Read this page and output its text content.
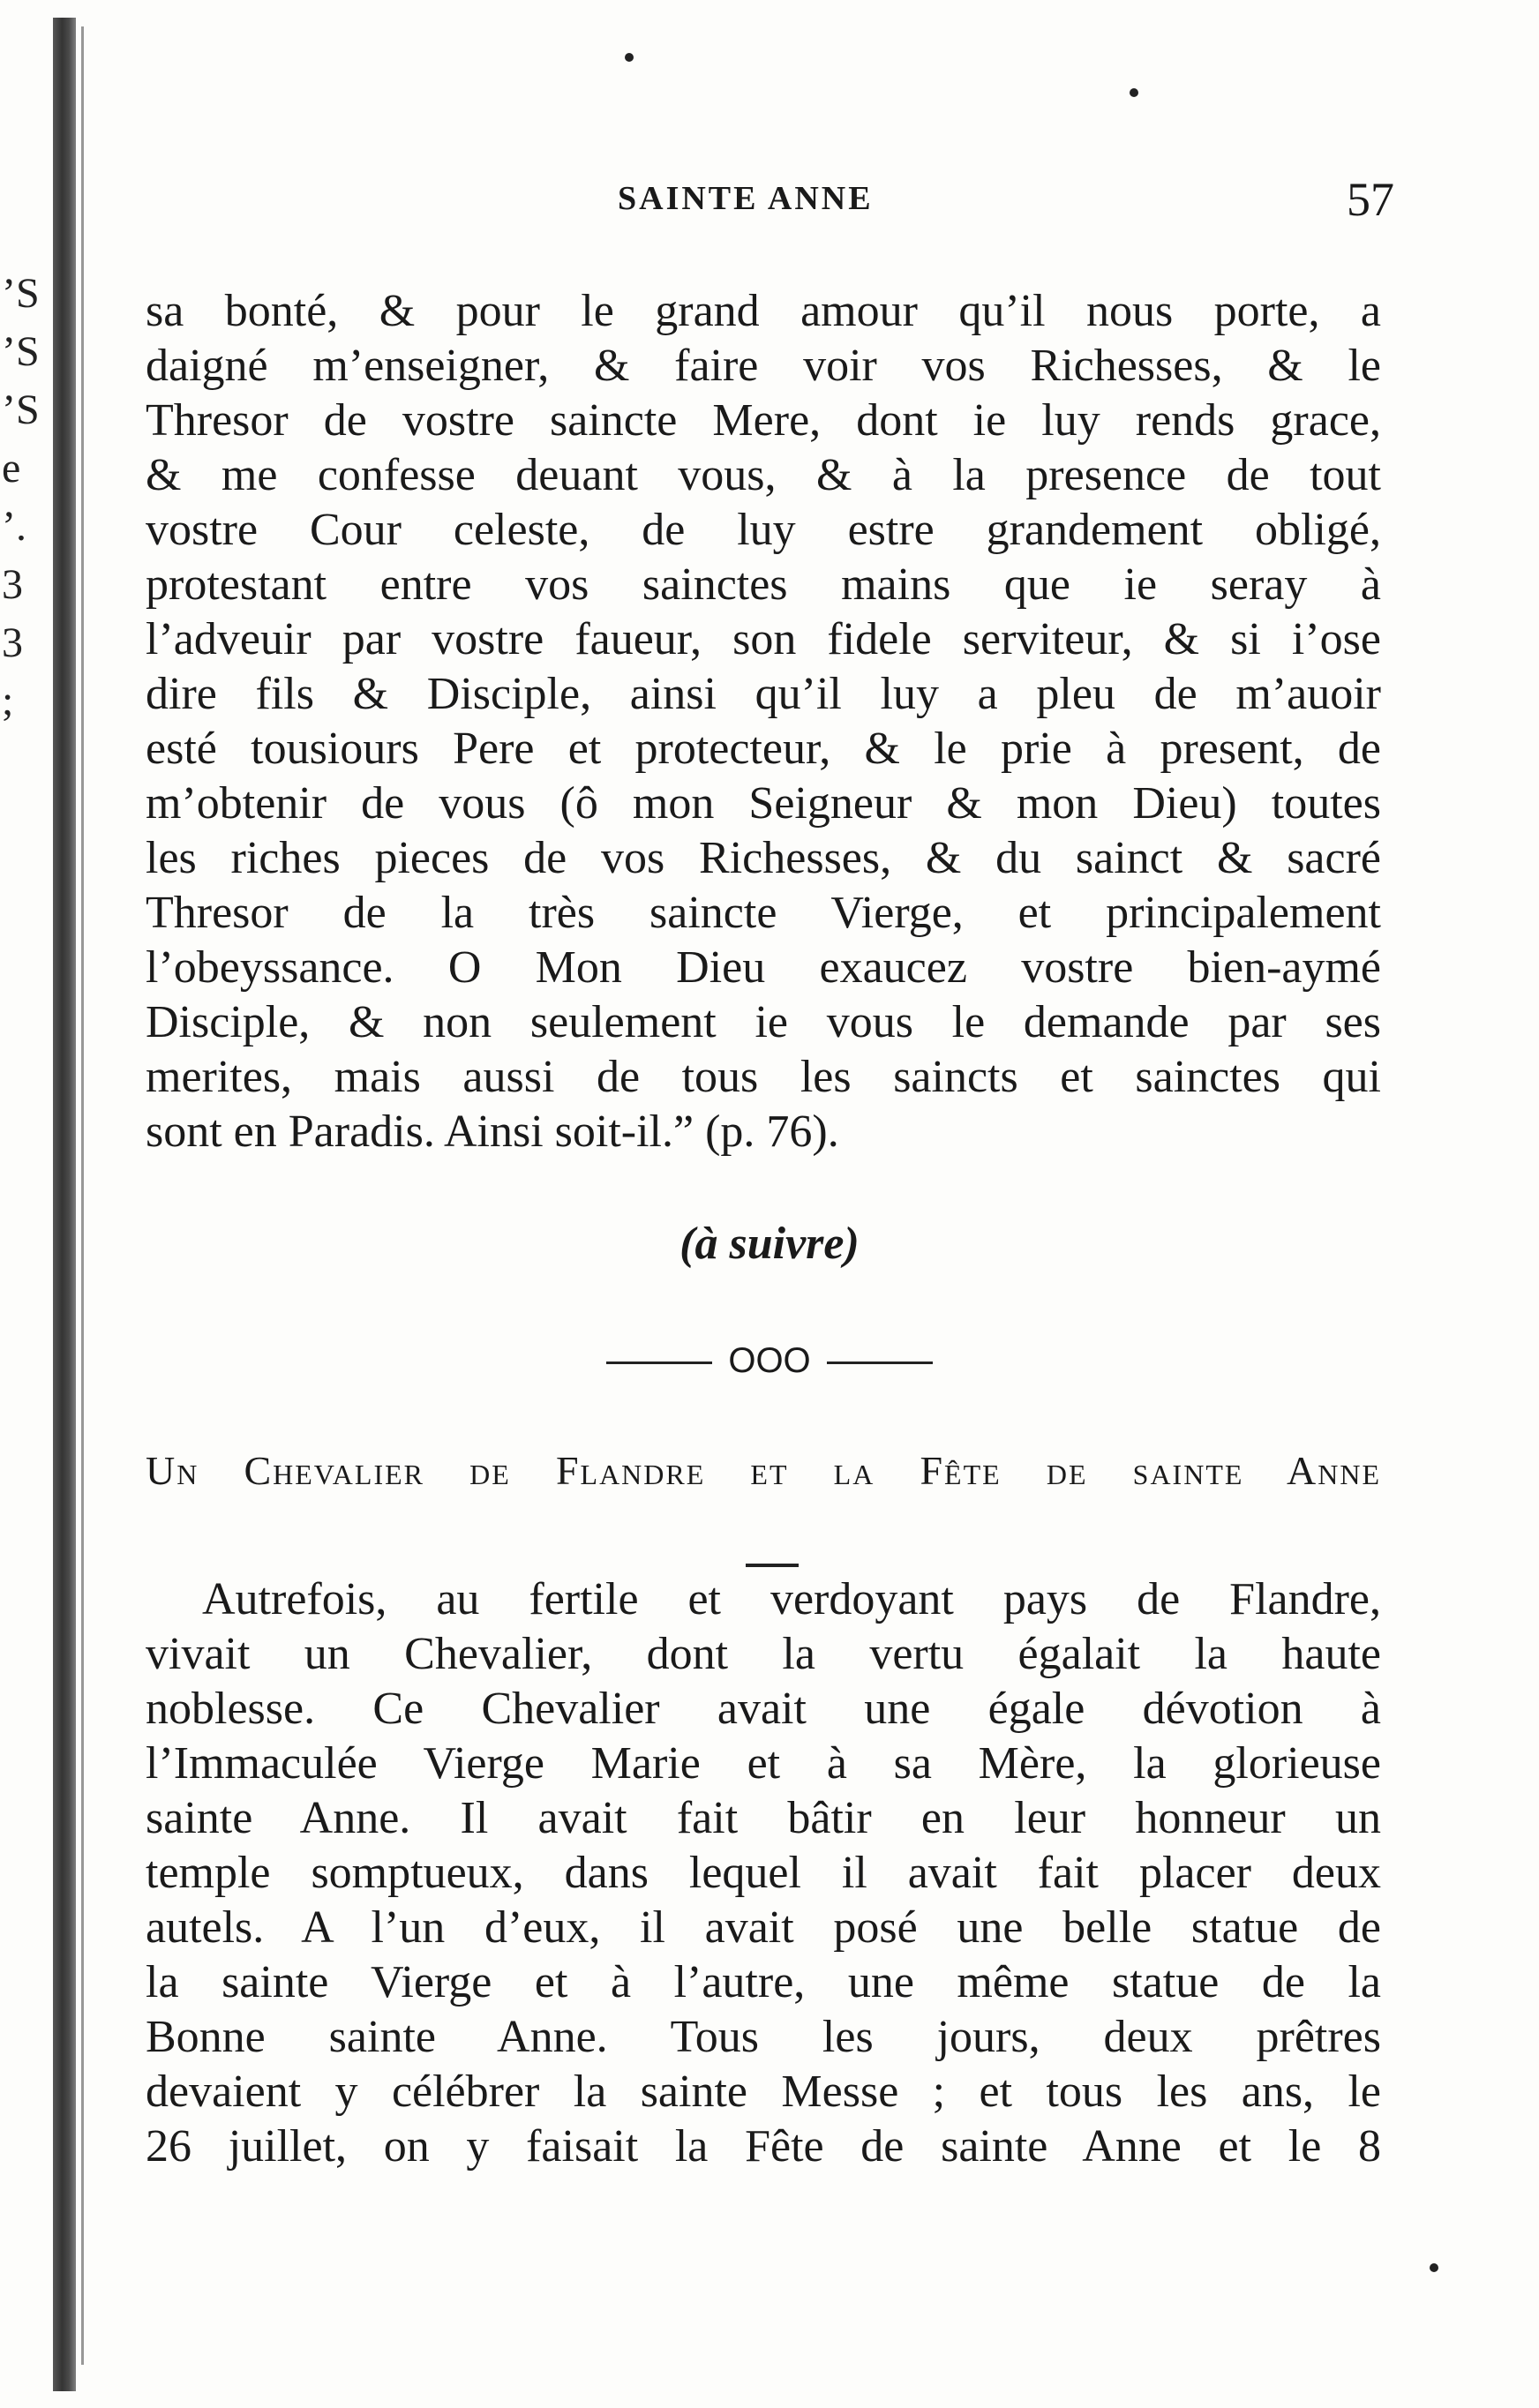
’S
’S
’S
e
’.
3
3
;
SAINTE ANNE	57
sa bonté, & pour le grand amour qu’il nous porte, a
daigné m’enseigner, & faire voir vos Richesses, & le
Thresor de vostre saincte Mere, dont ie luy rends grace,
& me confesse deuant vous, & à la presence de tout
vostre Cour celeste, de luy estre grandement obligé,
protestant entre vos sainctes mains que ie seray à
l’adveuir par vostre faueur, son fidele serviteur, & si i’ose
dire fils & Disciple, ainsi qu’il luy a pleu de m’auoir
esté tousiours Pere et protecteur, & le prie à present, de
m’obtenir de vous (ô mon Seigneur & mon Dieu) toutes
les riches pieces de vos Richesses, & du sainct & sacré
Thresor de la très saincte Vierge, et principalement
l’obeyssance. O Mon Dieu exaucez vostre bien-aymé
Disciple, & non seulement ie vous le demande par ses
merites, mais aussi de tous les saincts et sainctes qui
sont en Paradis. Ainsi soit-il.” (p. 76).
(à suivre)
OOO
Un Chevalier de Flandre et la Fête de sainte Anne
Autrefois, au fertile et verdoyant pays de Flandre,
vivait un Chevalier, dont la vertu égalait la haute
noblesse. Ce Chevalier avait une égale dévotion à
l’Immaculée Vierge Marie et à sa Mère, la glorieuse
sainte Anne. Il avait fait bâtir en leur honneur un
temple somptueux, dans lequel il avait fait placer deux
autels. A l’un d’eux, il avait posé une belle statue de
la sainte Vierge et à l’autre, une même statue de la
Bonne sainte Anne. Tous les jours, deux prêtres
devaient y célébrer la sainte Messe ; et tous les ans, le
26 juillet, on y faisait la Fête de sainte Anne et le 8
